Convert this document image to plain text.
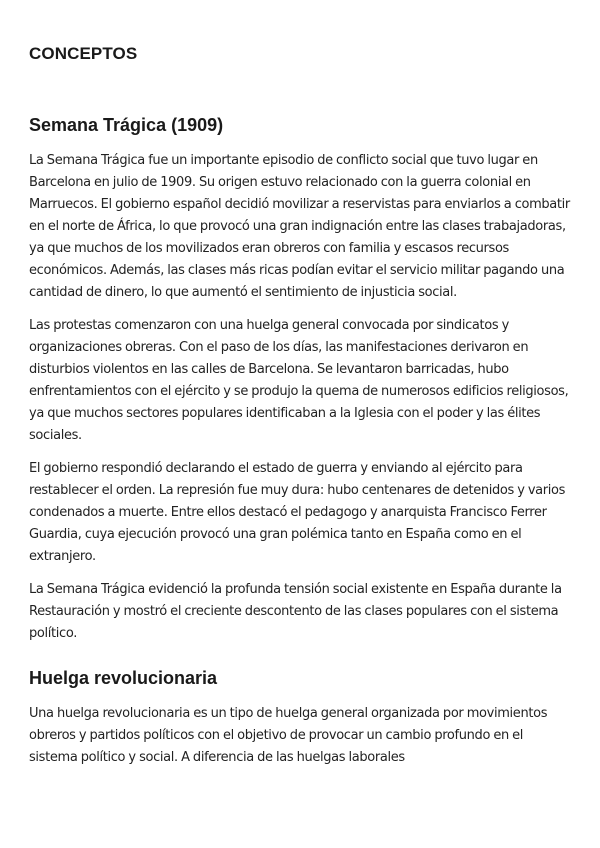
CONCEPTOS
Semana Trágica (1909)

La Semana Trágica fue un importante episodio de conflicto social que tuvo lugar en Barcelona en julio de 1909. Su origen estuvo relacionado con la guerra colonial en Marruecos. El gobierno español decidió movilizar a reservistas para enviarlos a combatir en el norte de África, lo que provocó una gran indignación entre las clases trabajadoras, ya que muchos de los movilizados eran obreros con familia y escasos recursos económicos. Además, las clases más ricas podían evitar el servicio militar pagando una cantidad de dinero, lo que aumentó el sentimiento de injusticia social.

Las protestas comenzaron con una huelga general convocada por sindicatos y organizaciones obreras. Con el paso de los días, las manifestaciones derivaron en disturbios violentos en las calles de Barcelona. Se levantaron barricadas, hubo enfrentamientos con el ejército y se produjo la quema de numerosos edificios religiosos, ya que muchos sectores populares identificaban a la Iglesia con el poder y las élites sociales.

El gobierno respondió declarando el estado de guerra y enviando al ejército para restablecer el orden. La represión fue muy dura: hubo centenares de detenidos y varios condenados a muerte. Entre ellos destacó el pedagogo y anarquista Francisco Ferrer Guardia, cuya ejecución provocó una gran polémica tanto en España como en el extranjero.

La Semana Trágica evidenció la profunda tensión social existente en España durante la Restauración y mostró el creciente descontento de las clases populares con el sistema político.

Huelga revolucionaria

Una huelga revolucionaria es un tipo de huelga general organizada por movimientos obreros y partidos políticos con el objetivo de provocar un cambio profundo en el sistema político y social. A diferencia de las huelgas laborales
